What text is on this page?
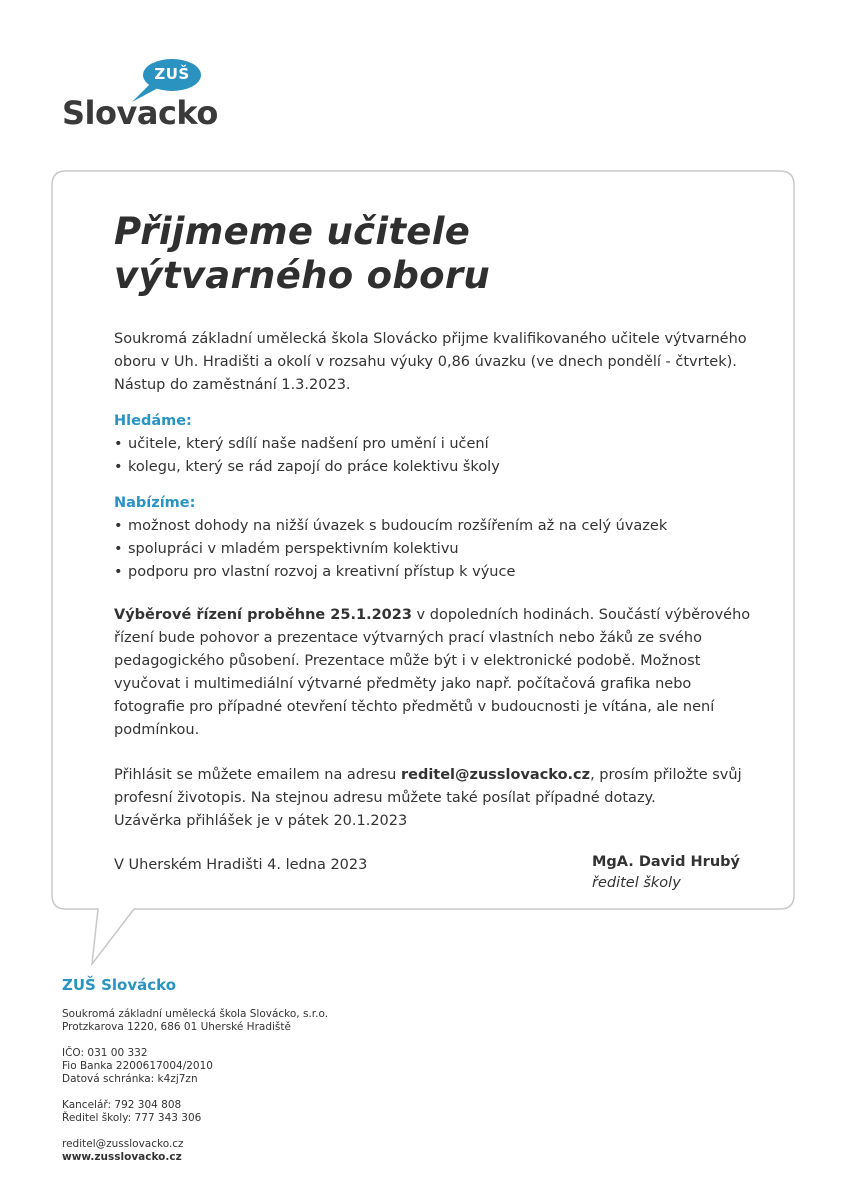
ZUŠ
Slovacko
Přijmeme učitele
výtvarného oboru

Soukromá základní umělecká škola Slovácko přijme kvalifikovaného učitele výtvarného oboru v Uh. Hradišti a okolí v rozsahu výuky 0,86 úvazku (ve dnech pondělí - čtvrtek). Nástup do zaměstnání 1.3.2023.

Hledáme:

• učitele, který sdílí naše nadšení pro umění i učení
• kolegu, který se rád zapojí do práce kolektivu školy

Nabízíme:

• možnost dohody na nižší úvazek s budoucím rozšířením až na celý úvazek
• spolupráci v mladém perspektivním kolektivu
• podporu pro vlastní rozvoj a kreativní přístup k výuce

Výběrové řízení proběhne 25.1.2023 v dopoledních hodinách. Součástí výběrového řízení bude pohovor a prezentace výtvarných prací vlastních nebo žáků ze svého pedagogického působení. Prezentace může být i v elektronické podobě. Možnost vyučovat i multimediální výtvarné předměty jako např. počítačová grafika nebo fotografie pro případné otevření těchto předmětů v budoucnosti je vítána, ale není podmínkou.

Přihlásit se můžete emailem na adresu reditel@zusslovacko.cz, prosím přiložte svůj profesní životopis. Na stejnou adresu můžete také posílat případné dotazy.
Uzávěrka přihlášek je v pátek 20.1.2023

V Uherském Hradišti 4. ledna 2023	MgA. David Hrubý
ředitel školy
ZUŠ Slovácko
Soukromá základní umělecká škola Slovácko, s.r.o.
Protzkarova 1220, 686 01 Uherské Hradiště
IČO: 031 00 332
Fio Banka 2200617004/2010
Datová schránka: k4zj7zn
Kancelář: 792 304 808
Ředitel školy: 777 343 306
reditel@zusslovacko.cz
www.zusslovacko.cz
